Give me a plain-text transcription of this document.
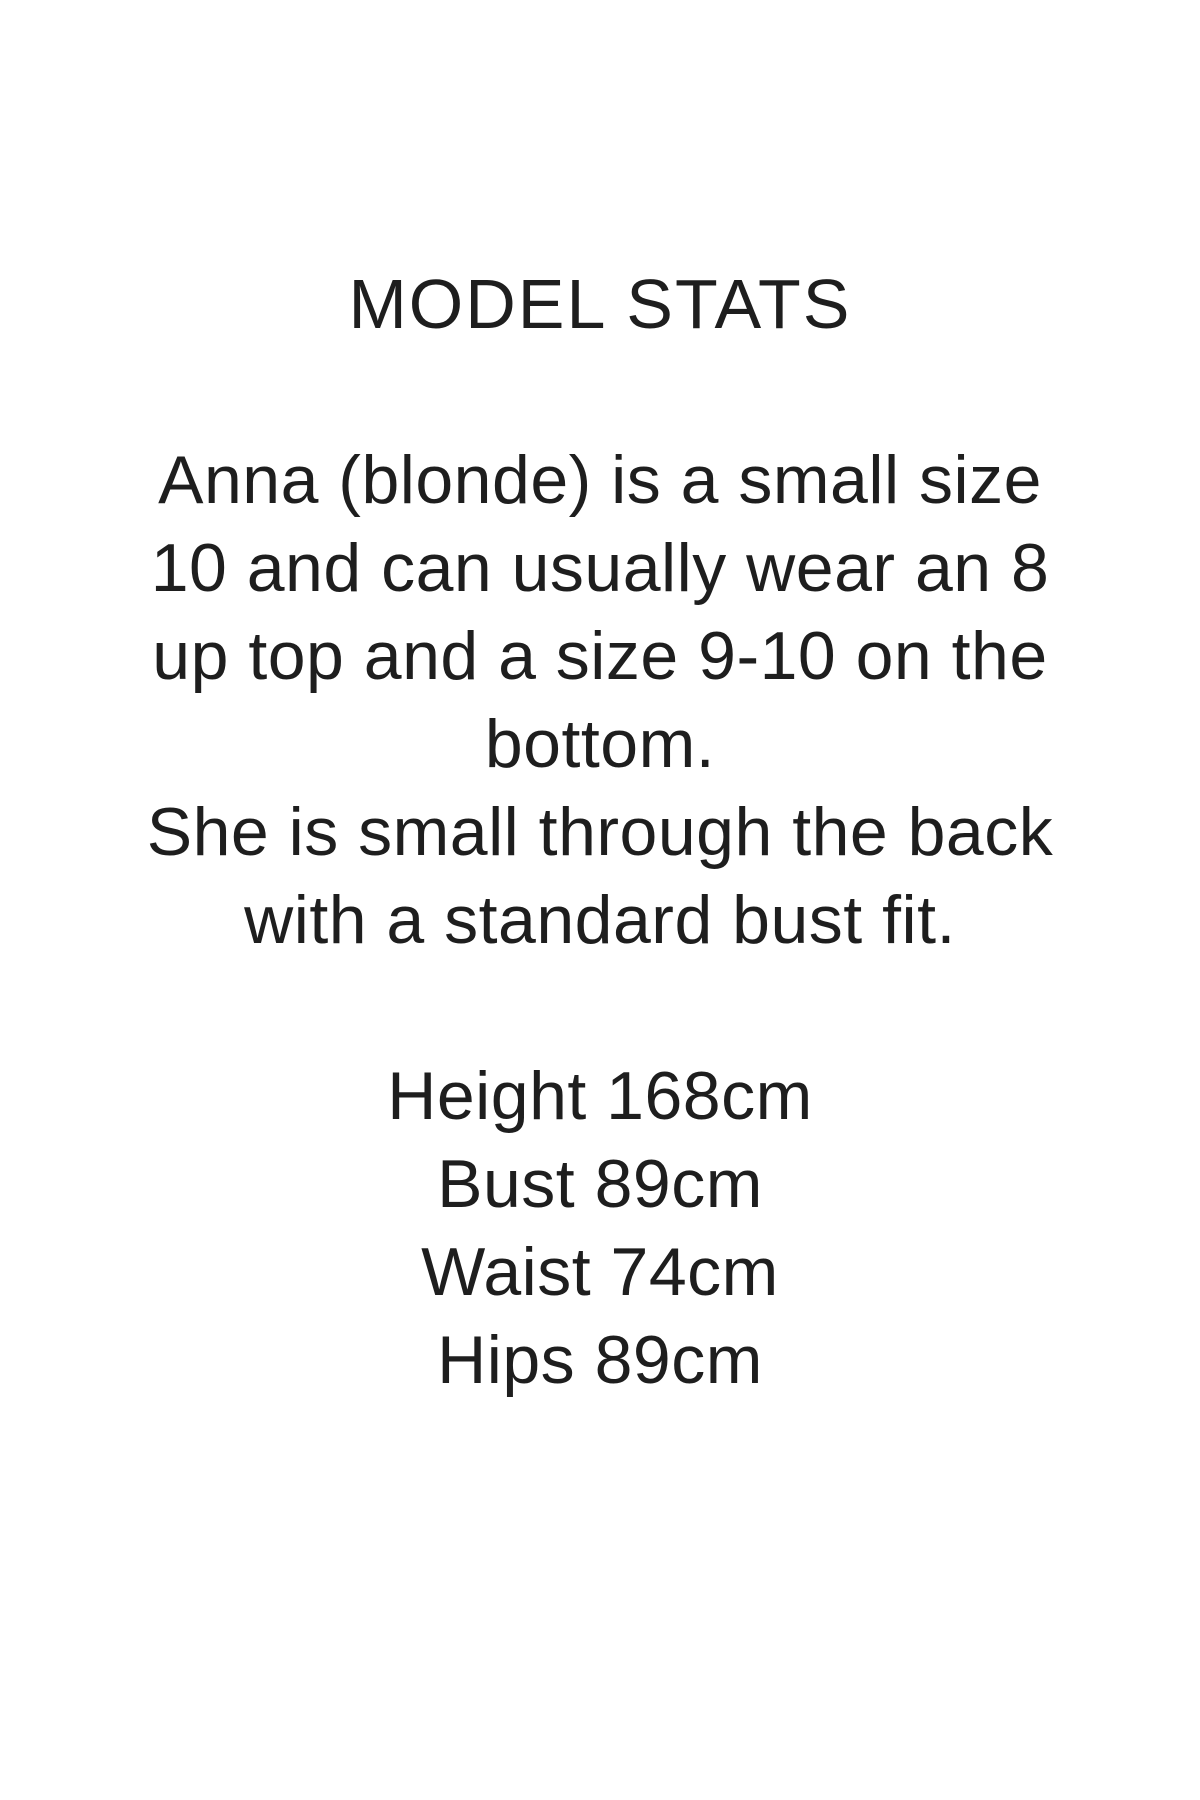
MODEL STATS
Anna (blonde) is a small size
10 and can usually wear an 8
up top and a size 9-10 on the
bottom.
She is small through the back
with a standard bust fit.
Height 168cm
Bust 89cm
Waist 74cm
Hips 89cm
